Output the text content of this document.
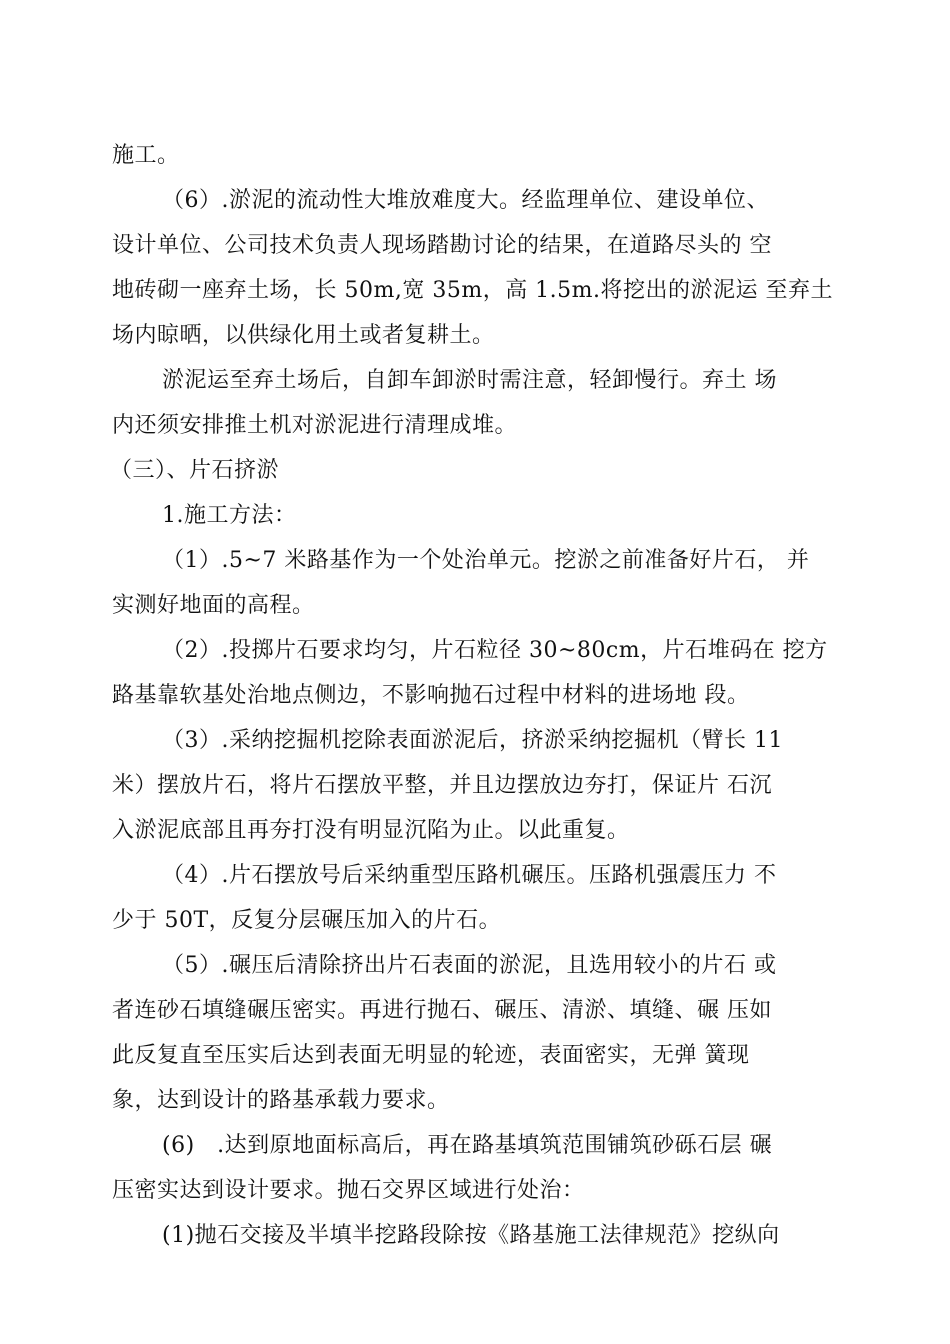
施工。
（6）.淤泥的流动性大堆放难度大。经监理单位、建设单位、
设计单位、公司技术负责人现场踏勘讨论的结果，在道路尽头的 空
地砖砌一座弃土场，长 50m,宽 35m，高 1.5m.将挖出的淤泥运 至弃土
场内晾晒，以供绿化用土或者复耕土。
淤泥运至弃土场后，自卸车卸淤时需注意，轻卸慢行。弃土 场
内还须安排推土机对淤泥进行清理成堆。
（三）、片石挤淤
1.施工方法：
（1）.5~7 米路基作为一个处治单元。挖淤之前准备好片石， 并
实测好地面的高程。
（2）.投掷片石要求均匀，片石粒径 30~80cm，片石堆码在 挖方
路基靠软基处治地点侧边，不影响抛石过程中材料的进场地 段。
（3）.采纳挖掘机挖除表面淤泥后，挤淤采纳挖掘机（臂长 11
米）摆放片石，将片石摆放平整，并且边摆放边夯打，保证片 石沉
入淤泥底部且再夯打没有明显沉陷为止。以此重复。
（4）.片石摆放号后采纳重型压路机碾压。压路机强震压力 不
少于 50T，反复分层碾压加入的片石。
（5）.碾压后清除挤出片石表面的淤泥，且选用较小的片石 或
者连砂石填缝碾压密实。再进行抛石、碾压、清淤、填缝、碾 压如
此反复直至压实后达到表面无明显的轮迹，表面密实，无弹 簧现
象，达到设计的路基承载力要求。
(6)　.达到原地面标高后，再在路基填筑范围铺筑砂砾石层 碾
压密实达到设计要求。抛石交界区域进行处治：
(1)抛石交接及半填半挖路段除按《路基施工法律规范》挖纵向
